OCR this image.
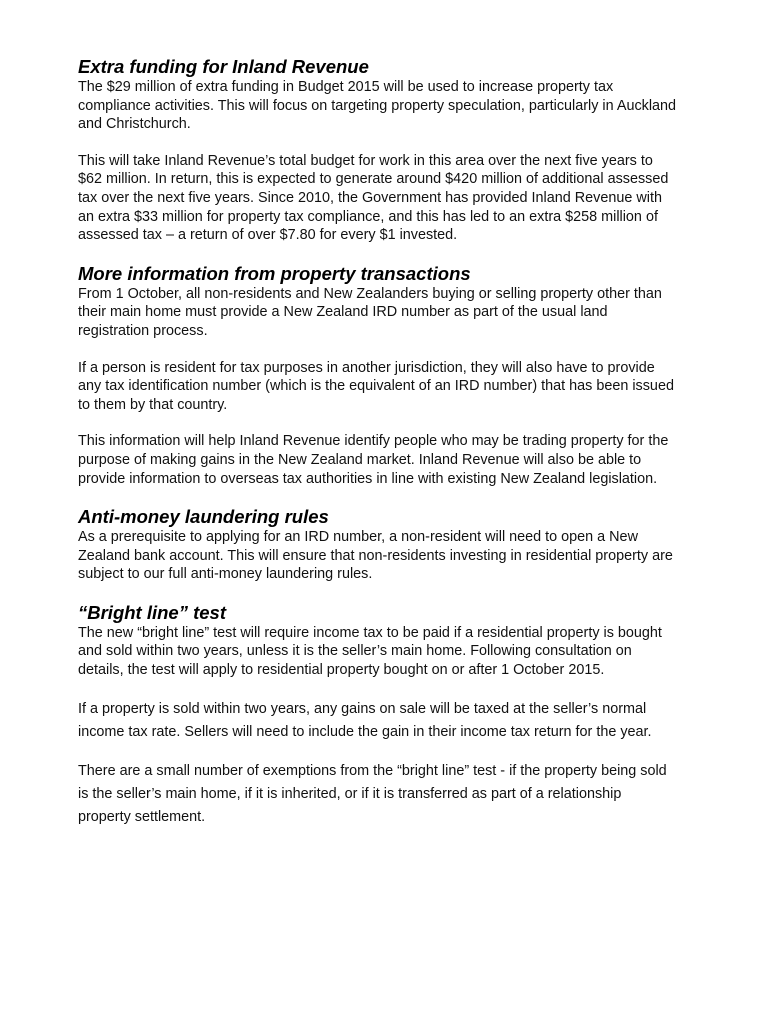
Extra funding for Inland Revenue

The $29 million of extra funding in Budget 2015 will be used to increase property tax compliance activities. This will focus on targeting property speculation, particularly in Auckland and Christchurch.

This will take Inland Revenue’s total budget for work in this area over the next five years to $62 million. In return, this is expected to generate around $420 million of additional assessed tax over the next five years. Since 2010, the Government has provided Inland Revenue with an extra $33 million for property tax compliance, and this has led to an extra $258 million of assessed tax – a return of over $7.80 for every $1 invested.

More information from property transactions

From 1 October, all non-residents and New Zealanders buying or selling property other than their main home must provide a New Zealand IRD number as part of the usual land registration process.

If a person is resident for tax purposes in another jurisdiction, they will also have to provide any tax identification number (which is the equivalent of an IRD number) that has been issued to them by that country.

This information will help Inland Revenue identify people who may be trading property for the purpose of making gains in the New Zealand market. Inland Revenue will also be able to provide information to overseas tax authorities in line with existing New Zealand legislation.

Anti-money laundering rules

As a prerequisite to applying for an IRD number, a non-resident will need to open a New Zealand bank account. This will ensure that non-residents investing in residential property are subject to our full anti-money laundering rules.

“Bright line” test

The new “bright line” test will require income tax to be paid if a residential property is bought and sold within two years, unless it is the seller’s main home. Following consultation on details, the test will apply to residential property bought on or after 1 October 2015.

If a property is sold within two years, any gains on sale will be taxed at the seller’s normal income tax rate. Sellers will need to include the gain in their income tax return for the year.

There are a small number of exemptions from the “bright line” test - if the property being sold is the seller’s main home, if it is inherited, or if it is transferred as part of a relationship property settlement.
